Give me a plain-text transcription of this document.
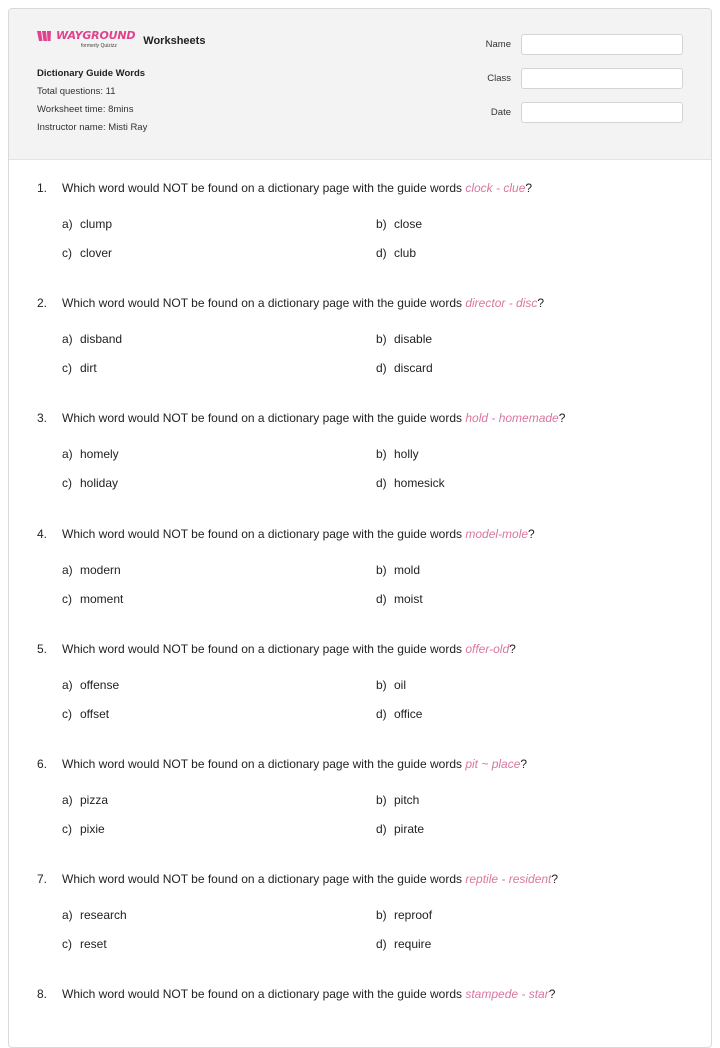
WAYGROUND
formerly Quizizz	Worksheets
Dictionary Guide Words
Total questions: 11
Worksheet time: 8mins
Instructor name: Misti Ray
Name
Class
Date
1. Which word would NOT be found on a dictionary page with the guide words clock - clue?
a) clump	b) close
c) clover	d) club
2. Which word would NOT be found on a dictionary page with the guide words director - disc?
a) disband	b) disable
c) dirt	d) discard
3. Which word would NOT be found on a dictionary page with the guide words hold - homemade?
a) homely	b) holly
c) holiday	d) homesick
4. Which word would NOT be found on a dictionary page with the guide words model-mole?
a) modern	b) mold
c) moment	d) moist
5. Which word would NOT be found on a dictionary page with the guide words offer-old?
a) offense	b) oil
c) offset	d) office
6. Which word would NOT be found on a dictionary page with the guide words pit ~ place?
a) pizza	b) pitch
c) pixie	d) pirate
7. Which word would NOT be found on a dictionary page with the guide words reptile - resident?
a) research	b) reproof
c) reset	d) require
8. Which word would NOT be found on a dictionary page with the guide words stampede - star?
